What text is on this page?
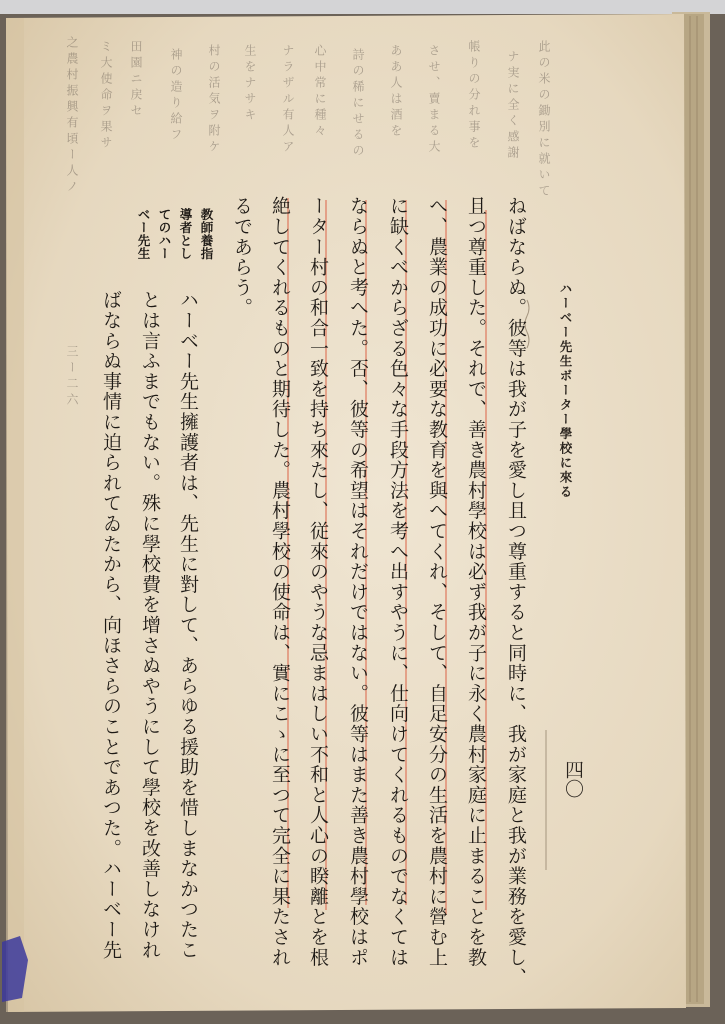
ハーベー先生ボーター學校に來る
四〇
此の米の鋤別に就いて
ナ実に全く感謝
帳りの分れ事を
させ、賣まる大
ああ人は酒を
詩の稀にせるの
心中常に種々
ナラザル有人ア
生をナサキ
村の活気ヲ附ケ
神の造り給フ
田園ニ戻セ
ミ大使命ヲ果サ
之農村振興有頃ー人ノ
三ー二六	ねばならぬ。彼等は我が子を愛し且つ尊重すると同時に、我が家庭と我が業務を愛し、
且つ尊重した。それで、善き農村學校は必ず我が子に永く農村家庭に止まることを教
へ、農業の成功に必要な教育を與へてくれ、そして、自足安分の生活を農村に營む上
に缺くべからざる色々な手段方法を考へ出すやうに、仕向けてくれるものでなくては
ならぬと考へた。否、彼等の希望はそれだけではない。彼等はまた善き農村學校はポ
ーター村の和合一致を持ち來たし、従來のやうな忌まはしい不和と人心の睽離とを根
絶してくれるものと期待した。農村學校の使命は、實にこゝに至つて完全に果たされ
るであらう。
ハーベー先生擁護者は、先生に對して、あらゆる援助を惜しまなかつたこ
とは言ふまでもない。殊に學校費を增さぬやうにして學校を改善しなけれ
ばならぬ事情に迫られてゐたから、向ほさらのことであつた。ハーベー先
教師養指
導者とし
てのハー
ベー先生
